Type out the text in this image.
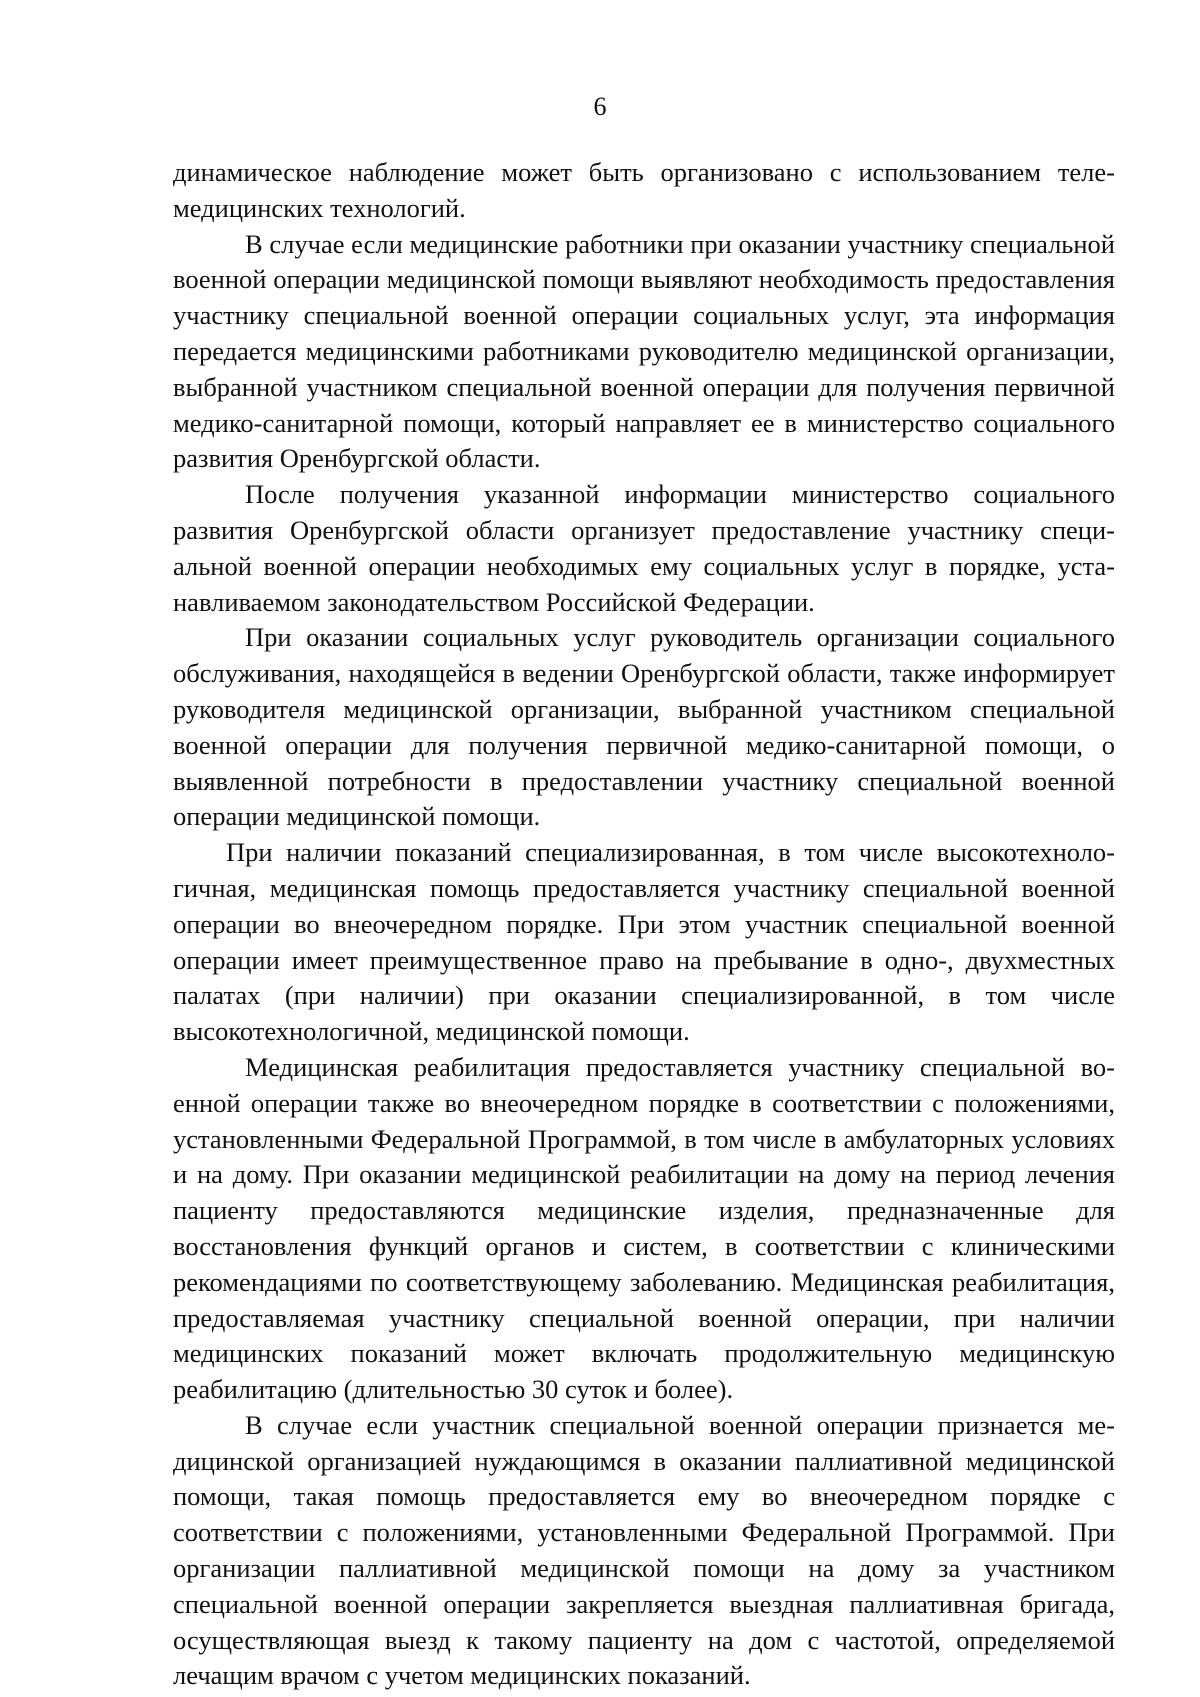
6

динамическое наблюдение может быть организовано с использованием телемедицинских технологий.

В случае если медицинские работники при оказании участнику специальной военной операции медицинской помощи выявляют необходимость предоставления участнику специальной военной операции социальных услуг, эта информация передается медицинскими работниками руководителю медицинской организации, выбранной участником специальной военной операции для получения первичной медико-санитарной помощи, который направляет ее в министерство социального развития Оренбургской области.

После получения указанной информации министерство социального развития Оренбургской области организует предоставление участнику специальной военной операции необходимых ему социальных услуг в порядке, устанавливаемом законодательством Российской Федерации.

При оказании социальных услуг руководитель организации социального обслуживания, находящейся в ведении Оренбургской области, также информирует руководителя медицинской организации, выбранной участником специальной военной операции для получения первичной медико-санитарной помощи, о выявленной потребности в предоставлении участнику специальной военной операции медицинской помощи.

При наличии показаний специализированная, в том числе высокотехнологичная, медицинская помощь предоставляется участнику специальной военной операции во внеочередном порядке. При этом участник специальной военной операции имеет преимущественное право на пребывание в одно-, двухместных палатах (при наличии) при оказании специализированной, в том числе высокотехнологичной, медицинской помощи.

Медицинская реабилитация предоставляется участнику специальной военной операции также во внеочередном порядке в соответствии с положениями, установленными Федеральной Программой, в том числе в амбулаторных условиях и на дому. При оказании медицинской реабилитации на дому на период лечения пациенту предоставляются медицинские изделия, предназначенные для восстановления функций органов и систем, в соответствии с клиническими рекомендациями по соответствующему заболеванию. Медицинская реабилитация, предоставляемая участнику специальной военной операции, при наличии медицинских показаний может включать продолжительную медицинскую реабилитацию (длительностью 30 суток и более).

В случае если участник специальной военной операции признается медицинской организацией нуждающимся в оказании паллиативной медицинской помощи, такая помощь предоставляется ему во внеочередном порядке с соответствии с положениями, установленными Федеральной Программой. При организации паллиативной медицинской помощи на дому за участником специальной военной операции закрепляется выездная паллиативная бригада, осуществляющая выезд к такому пациенту на дом с частотой, определяемой лечащим врачом с учетом медицинских показаний.
